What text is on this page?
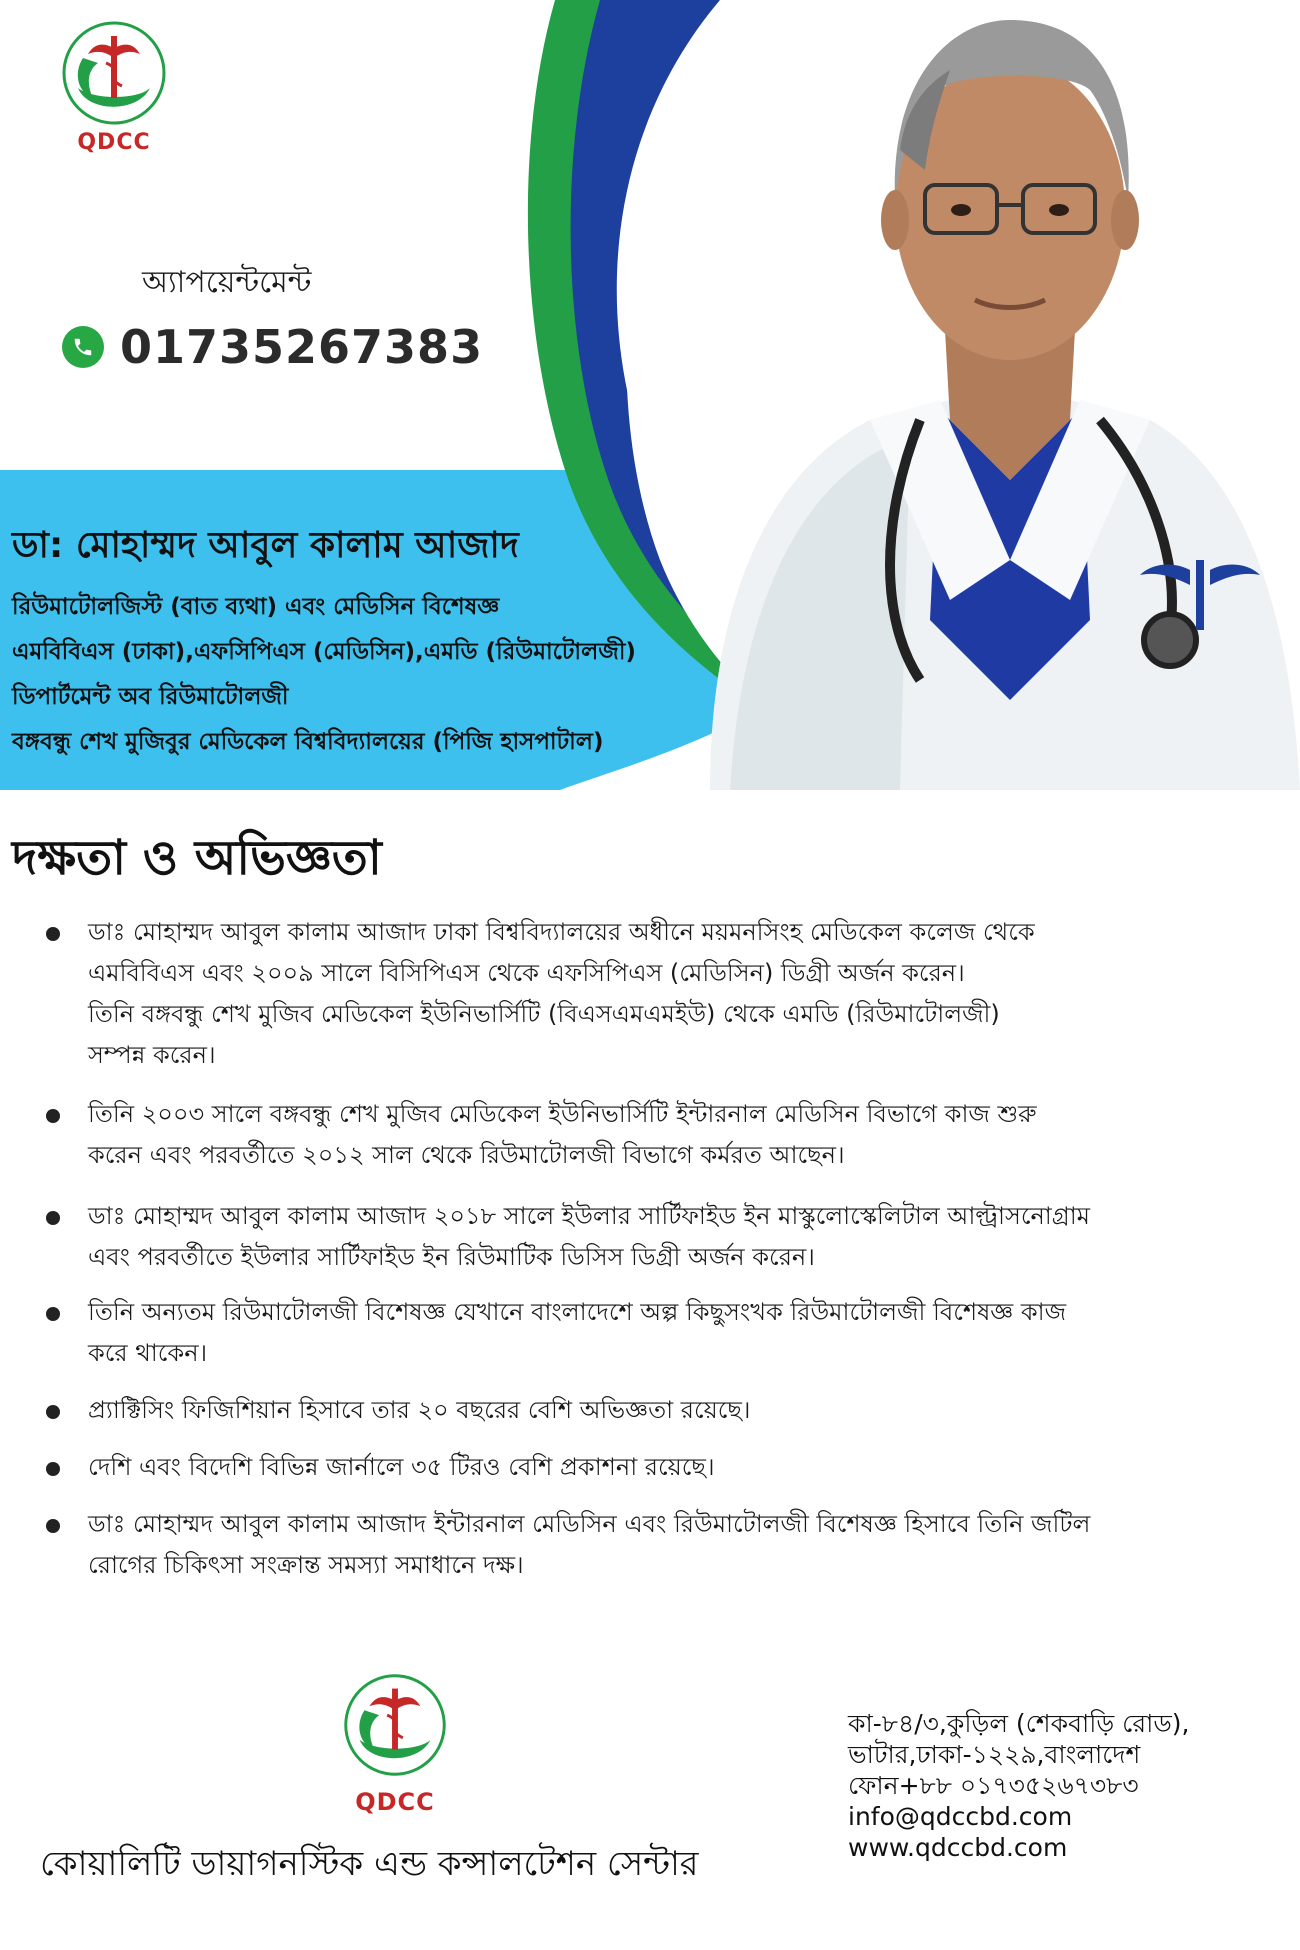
QDCC
অ্যাপয়েন্টমেন্ট
01735267383
ডা: মোহাম্মদ আবুল কালাম আজাদ
রিউমাটোলজিস্ট (বাত ব্যথা) এবং মেডিসিন বিশেষজ্ঞ
এমবিবিএস (ঢাকা),এফসিপিএস (মেডিসিন),এমডি (রিউমাটোলজী)
ডিপার্টমেন্ট অব রিউমাটোলজী
বঙ্গবন্ধু শেখ মুজিবুর মেডিকেল বিশ্ববিদ্যালয়ের (পিজি হাসপাটাল)
দক্ষতা ও অভিজ্ঞতা
ডাঃ মোহাম্মদ আবুল কালাম আজাদ ঢাকা বিশ্ববিদ্যালয়ের অধীনে ময়মনসিংহ মেডিকেল কলেজ থেকে
এমবিবিএস এবং ২০০৯ সালে বিসিপিএস থেকে এফসিপিএস (মেডিসিন) ডিগ্রী অর্জন করেন।
তিনি বঙ্গবন্ধু শেখ মুজিব মেডিকেল ইউনিভার্সিটি (বিএসএমএমইউ) থেকে এমডি (রিউমাটোলজী)
সম্পন্ন করেন।
তিনি ২০০৩ সালে বঙ্গবন্ধু শেখ মুজিব মেডিকেল ইউনিভার্সিটি ইন্টারনাল মেডিসিন বিভাগে কাজ শুরু
করেন এবং পরবর্তীতে ২০১২ সাল থেকে রিউমাটোলজী বিভাগে কর্মরত আছেন।
ডাঃ মোহাম্মদ আবুল কালাম আজাদ ২০১৮ সালে ইউলার সার্টিফাইড ইন মাস্কুলোস্কেলিটাল আল্ট্রাসনোগ্রাম
এবং পরবর্তীতে ইউলার সার্টিফাইড ইন রিউমাটিক ডিসিস ডিগ্রী অর্জন করেন।
তিনি অন্যতম রিউমাটোলজী বিশেষজ্ঞ যেখানে বাংলাদেশে অল্প কিছুসংখক রিউমাটোলজী বিশেষজ্ঞ কাজ
করে থাকেন।
প্র্যাক্টিসিং ফিজিশিয়ান হিসাবে তার ২০ বছরের বেশি অভিজ্ঞতা রয়েছে।
দেশি এবং বিদেশি বিভিন্ন জার্নালে ৩৫ টিরও বেশি প্রকাশনা রয়েছে।
ডাঃ মোহাম্মদ আবুল কালাম আজাদ ইন্টারনাল মেডিসিন এবং রিউমাটোলজী বিশেষজ্ঞ হিসাবে তিনি জটিল
রোগের চিকিৎসা সংক্রান্ত সমস্যা সমাধানে দক্ষ।
QDCC
কোয়ালিটি ডায়াগনস্টিক এন্ড কন্সালটেশন সেন্টার
কা-৮৪/৩,কুড়িল (শেকবাড়ি রোড),
ভাটার,ঢাকা-১২২৯,বাংলাদেশ
ফোন+৮৮ ০১৭৩৫২৬৭৩৮৩
info@qdccbd.com
www.qdccbd.com
